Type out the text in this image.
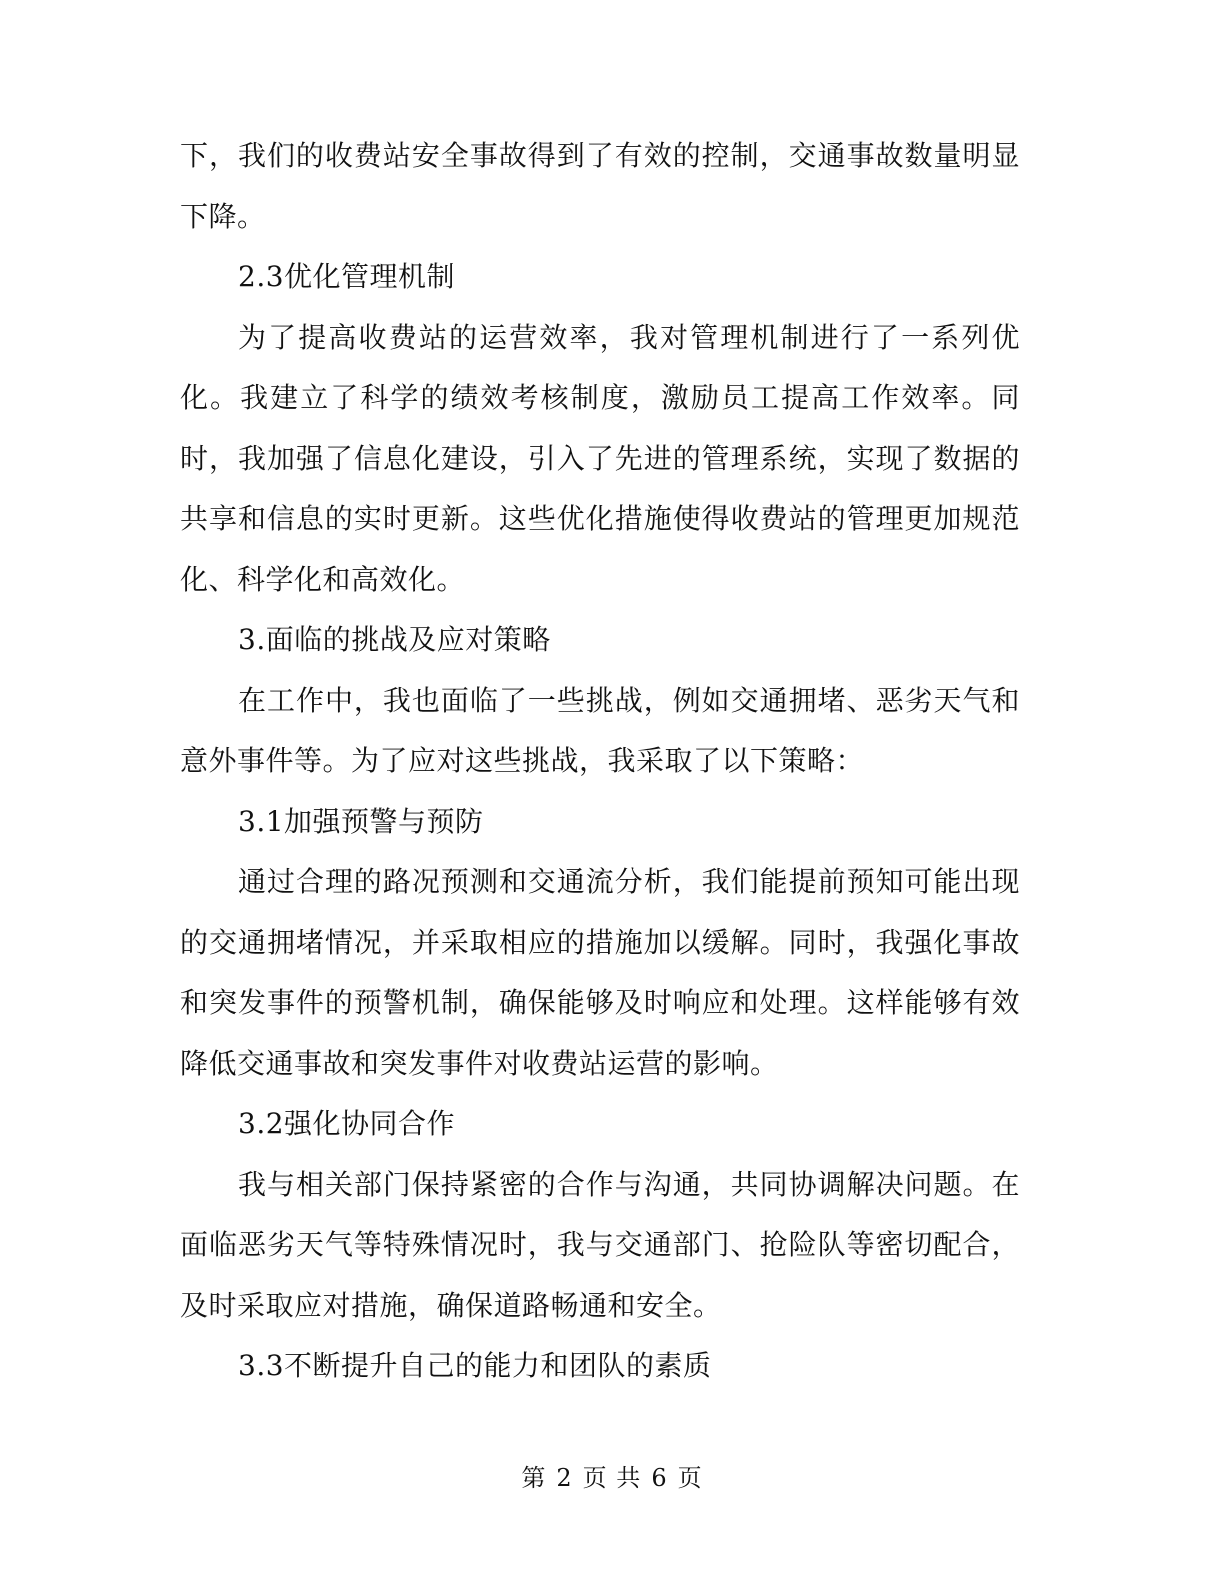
下，我们的收费站安全事故得到了有效的控制，交通事故数量明显下降。

2.3优化管理机制

为了提高收费站的运营效率，我对管理机制进行了一系列优化。我建立了科学的绩效考核制度，激励员工提高工作效率。同时，我加强了信息化建设，引入了先进的管理系统，实现了数据的共享和信息的实时更新。这些优化措施使得收费站的管理更加规范化、科学化和高效化。

3.面临的挑战及应对策略

在工作中，我也面临了一些挑战，例如交通拥堵、恶劣天气和意外事件等。为了应对这些挑战，我采取了以下策略：

3.1加强预警与预防

通过合理的路况预测和交通流分析，我们能提前预知可能出现的交通拥堵情况，并采取相应的措施加以缓解。同时，我强化事故和突发事件的预警机制，确保能够及时响应和处理。这样能够有效降低交通事故和突发事件对收费站运营的影响。

3.2强化协同合作

我与相关部门保持紧密的合作与沟通，共同协调解决问题。在面临恶劣天气等特殊情况时，我与交通部门、抢险队等密切配合，及时采取应对措施，确保道路畅通和安全。

3.3不断提升自己的能力和团队的素质

第 2 页 共 6 页
